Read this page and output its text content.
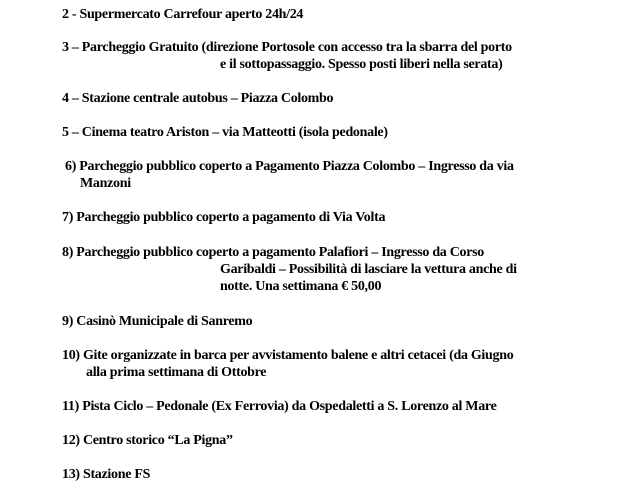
2 - Supermercato Carrefour aperto 24h/24
3 – Parcheggio Gratuito (direzione Portosole con accesso tra la sbarra del porto
e il sottopassaggio. Spesso posti liberi nella serata)
4 – Stazione centrale autobus – Piazza Colombo
5 – Cinema teatro Ariston – via Matteotti (isola pedonale)
6) Parcheggio pubblico coperto a Pagamento Piazza Colombo – Ingresso da via
Manzoni
7) Parcheggio pubblico coperto a pagamento di Via Volta
8) Parcheggio pubblico coperto a pagamento Palafiori – Ingresso da Corso
Garibaldi – Possibilità di lasciare la vettura anche di
notte. Una settimana € 50,00
9) Casinò Municipale di Sanremo
10) Gite organizzate in barca per avvistamento balene e altri cetacei (da Giugno
alla prima settimana di Ottobre
11) Pista Ciclo – Pedonale (Ex Ferrovia) da Ospedaletti a S. Lorenzo al Mare
12) Centro storico “La Pigna”
13) Stazione FS
